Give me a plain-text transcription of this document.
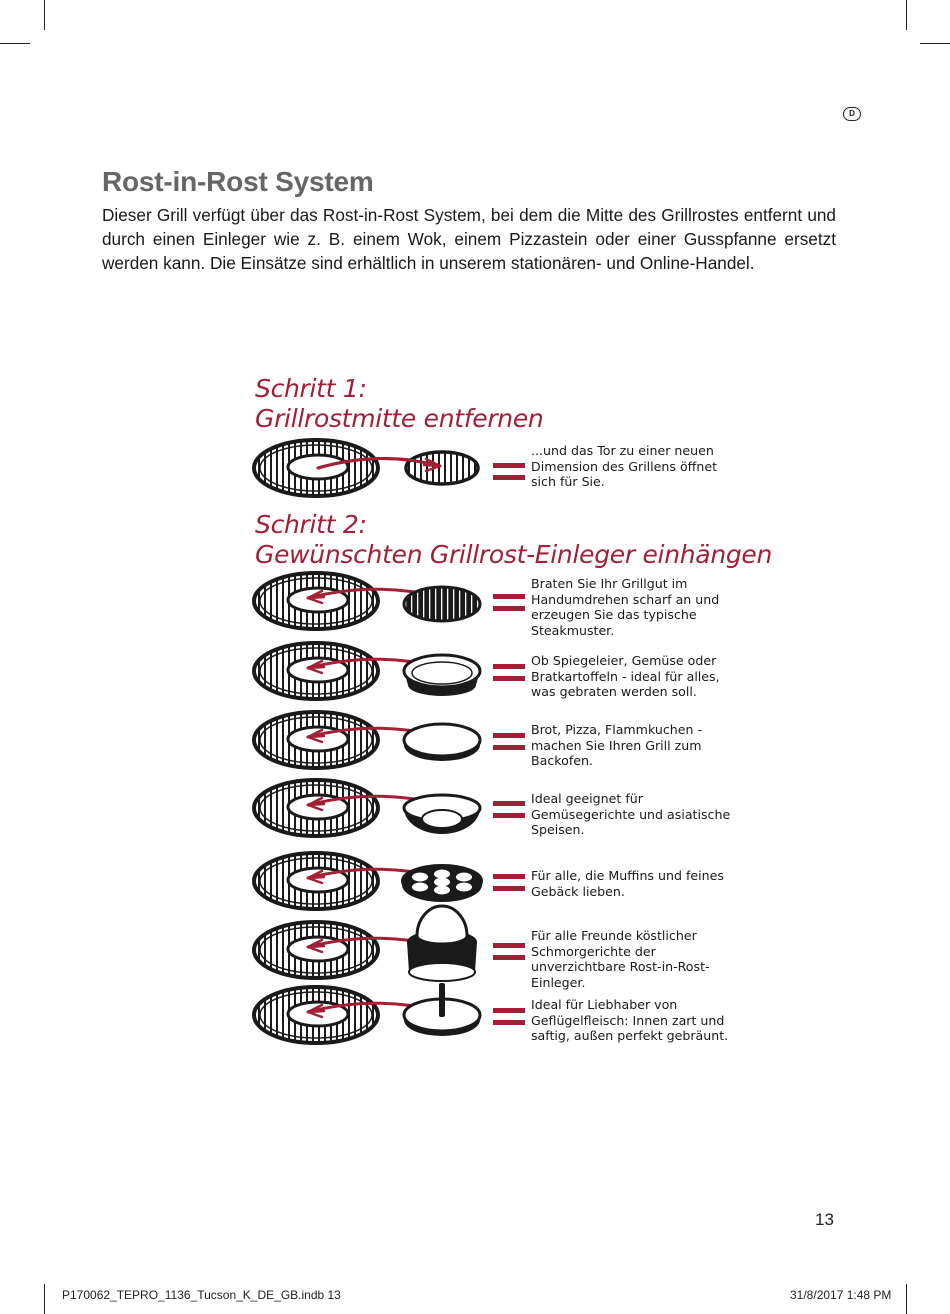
D
Rost-in-Rost System
Dieser Grill verfügt über das Rost-in-Rost System, bei dem die Mitte des Grillrostes entfernt und durch einen Einleger wie z. B. einem Wok, einem Pizzastein oder einer Gusspfanne ersetzt werden kann. Die Einsätze sind erhältlich in unserem stationären- und Online-Handel.
Schritt 1:
Grillrostmitte entfernen
Schritt 2:
Gewünschten Grillrost-Einleger einhängen
...und das Tor zu einer neuen Dimension des Grillens öffnet sich für Sie.
Braten Sie Ihr Grillgut im Handumdrehen scharf an und erzeugen Sie das typische Steakmuster.
Ob Spiegeleier, Gemüse oder Bratkartoffeln - ideal für alles, was gebraten werden soll.
Brot, Pizza, Flammkuchen - machen Sie Ihren Grill zum Backofen.
Ideal geeignet für Gemüsegerichte und asiatische Speisen.
Für alle, die Muffins und feines Gebäck lieben.
Für alle Freunde köstlicher Schmorgerichte der unverzichtbare Rost-in-Rost-Einleger.
Ideal für Liebhaber von Geflügelfleisch: Innen zart und saftig, außen perfekt gebräunt.
13
P170062_TEPRO_1136_Tucson_K_DE_GB.indb 13	31/8/2017 1:48 PM
